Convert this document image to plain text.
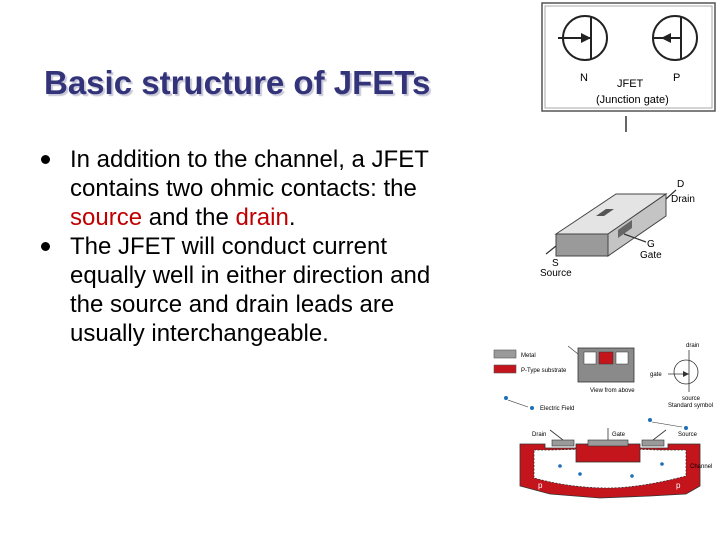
Basic structure of JFETs
In addition to the channel, a JFET contains two ohmic contacts: the source and the drain.
The JFET will conduct current equally well in either direction and the source and drain leads are usually interchangeable.
N	P
JFET
(Junction gate)
D
Drain
S
Source
G
Gate
Metal
P-Type substrate
View from above
drain
gate
source
Standard symbol
Electric Field
Drain	Gate	Source
p	p
Channel
